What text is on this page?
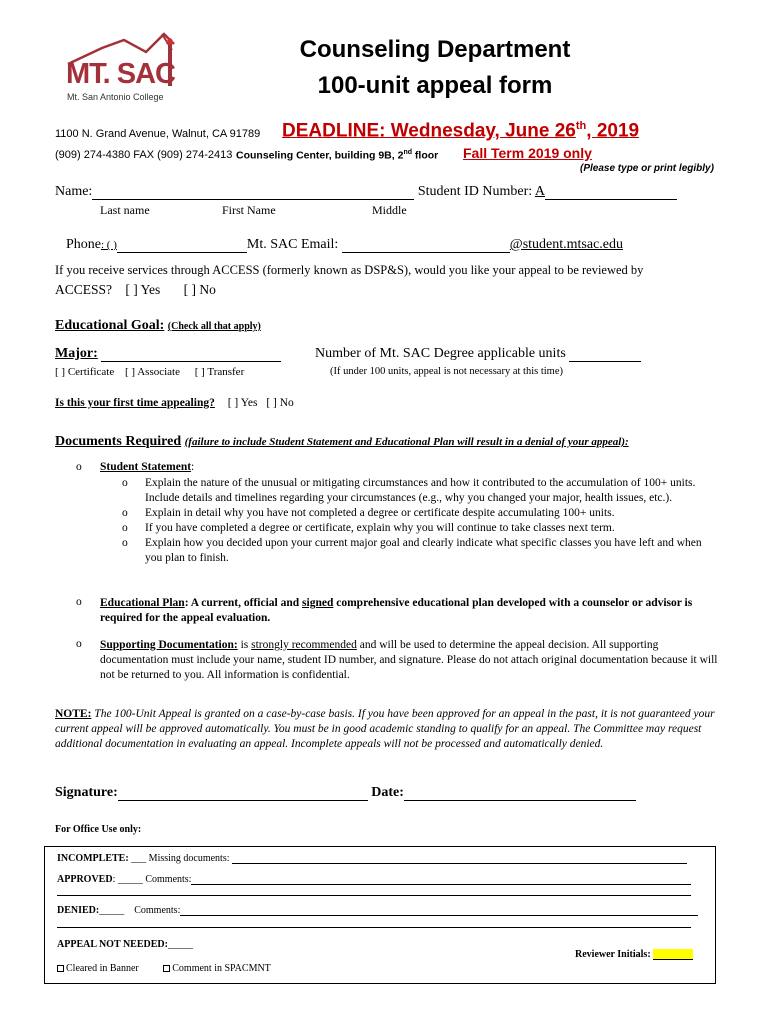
MT. SAC
Mt. San Antonio College
Counseling Department
100-unit appeal form
1100 N. Grand Avenue, Walnut, CA 91789
(909) 274-4380 FAX (909) 274-2413 Counseling Center, building 9B, 2nd floor
DEADLINE: Wednesday, June 26th, 2019
Fall Term 2019 only
(Please type or print legibly)
Name:	Student ID Number: A
Last name	First Name	Middle
Phone: ( )	Mt. SAC Email:	@student.mtsac.edu
If you receive services through ACCESS (formerly known as DSP&S), would you like your appeal to be reviewed by
ACCESS? [ ] Yes [ ] No
Educational Goal: (Check all that apply)
Major:	Number of Mt. SAC Degree applicable units
[ ] Certificate [ ] Associate [ ] Transfer	(If under 100 units, appeal is not necessary at this time)
Is this your first time appealing? [ ] Yes [ ] No
Documents Required (failure to include Student Statement and Educational Plan will result in a denial of your appeal):
o Student Statement:
o	Explain the nature of the unusual or mitigating circumstances and how it contributed to the accumulation of 100+ units. Include details and timelines regarding your circumstances (e.g., why you changed your major, health issues, etc.).
o	Explain in detail why you have not completed a degree or certificate despite accumulating 100+ units.
o	If you have completed a degree or certificate, explain why you will continue to take classes next term.
o	Explain how you decided upon your current major goal and clearly indicate what specific classes you have left and when you plan to finish.
o Educational Plan: A current, official and signed comprehensive educational plan developed with a counselor or advisor is required for the appeal evaluation.
o Supporting Documentation: is strongly recommended and will be used to determine the appeal decision. All supporting documentation must include your name, student ID number, and signature. Please do not attach original documentation because it will not be returned to you. All information is confidential.
NOTE: The 100-Unit Appeal is granted on a case-by-case basis. If you have been approved for an appeal in the past, it is not guaranteed your current appeal will be approved automatically. You must be in good academic standing to qualify for an appeal. The Committee may request additional documentation in evaluating an appeal. Incomplete appeals will not be processed and automatically denied.
Signature:	Date:
For Office Use only:
INCOMPLETE: ___ Missing documents:
APPROVED: _____ Comments:
DENIED:_____ Comments:
APPEAL NOT NEEDED:_____
Cleared in Banner	Comment in SPACMNT
Reviewer Initials:
